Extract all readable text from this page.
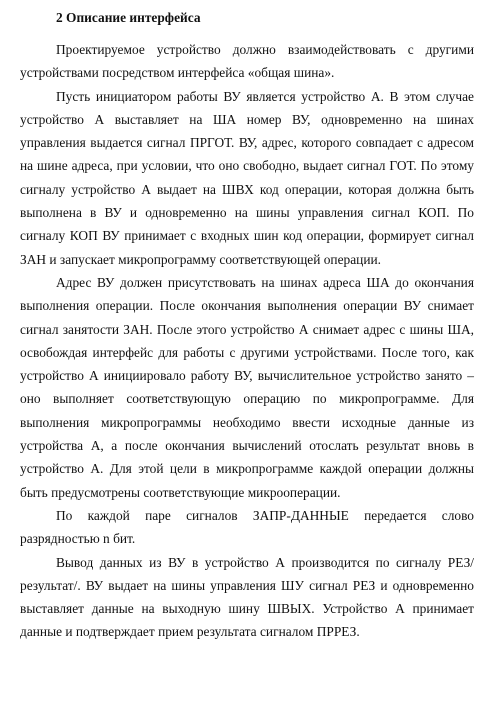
2 Описание интерфейса

Проектируемое устройство должно взаимодействовать с другими устройствами посредством интерфейса «общая шина».

Пусть инициатором работы ВУ является устройство А. В этом случае устройство А выставляет на ША номер ВУ, одновременно на шинах управления выдается сигнал ПРГОТ. ВУ, адрес, которого совпадает с адресом на шине адреса, при условии, что оно свободно, выдает сигнал ГОТ. По этому сигналу устройство А выдает на ШВХ код операции, которая должна быть выполнена в ВУ и одновременно на шины управления сигнал КОП. По сигналу КОП ВУ принимает с входных шин код операции, формирует сигнал ЗАН и запускает микропрограмму соответствующей операции.

Адрес ВУ должен присутствовать на шинах адреса ША до окончания выполнения операции. После окончания выполнения операции ВУ снимает сигнал занятости ЗАН. После этого устройство А снимает адрес с шины ША, освобождая интерфейс для работы с другими устройствами. После того, как устройство А инициировало работу ВУ, вычислительное устройство занято – оно выполняет соответствующую операцию по микропрограмме. Для выполнения микропрограммы необходимо ввести исходные данные из устройства А, а после окончания вычислений отослать результат вновь в устройство А. Для этой цели в микропрограмме каждой операции должны быть предусмотрены соответствующие микрооперации.

По каждой паре сигналов ЗАПР-ДАННЫЕ передается слово разрядностью n бит.

Вывод данных из ВУ в устройство А производится по сигналу РЕЗ/результат/. ВУ выдает на шины управления ШУ сигнал РЕЗ и одновременно выставляет данные на выходную шину ШВЫХ. Устройство А принимает данные и подтверждает прием результата сигналом ПРРЕЗ.
